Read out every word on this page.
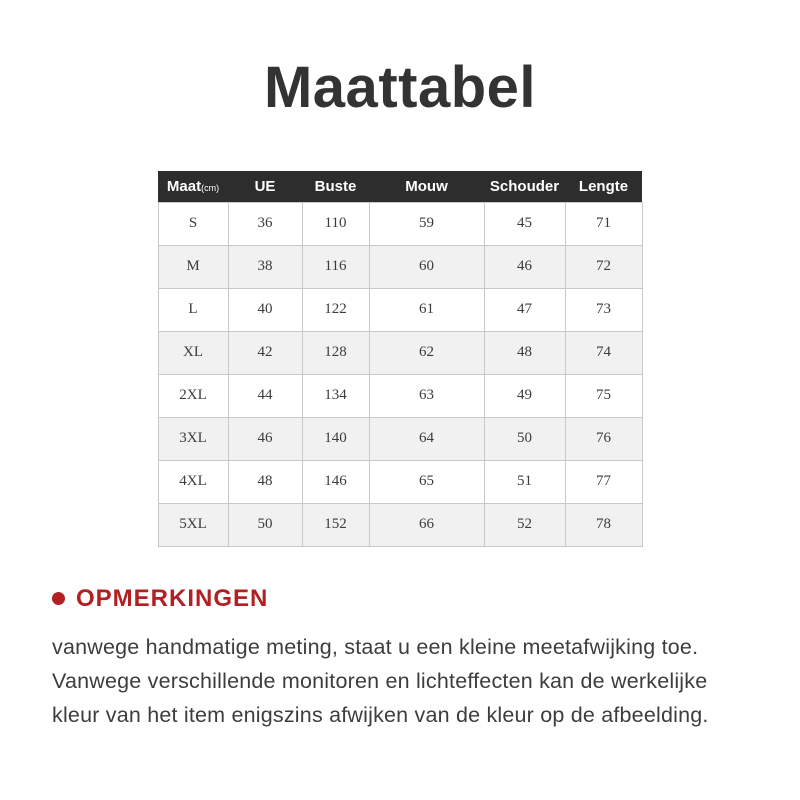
Maattabel
Maat(cm)	UE	Buste	Mouw	Schouder	Lengte
S	36	110	59	45	71
M	38	116	60	46	72
L	40	122	61	47	73
XL	42	128	62	48	74
2XL	44	134	63	49	75
3XL	46	140	64	50	76
4XL	48	146	65	51	77
5XL	50	152	66	52	78
OPMERKINGEN
vanwege handmatige meting, staat u een kleine meetafwijking toe.
Vanwege verschillende monitoren en lichteffecten kan de werkelijke
kleur van het item enigszins afwijken van de kleur op de afbeelding.
